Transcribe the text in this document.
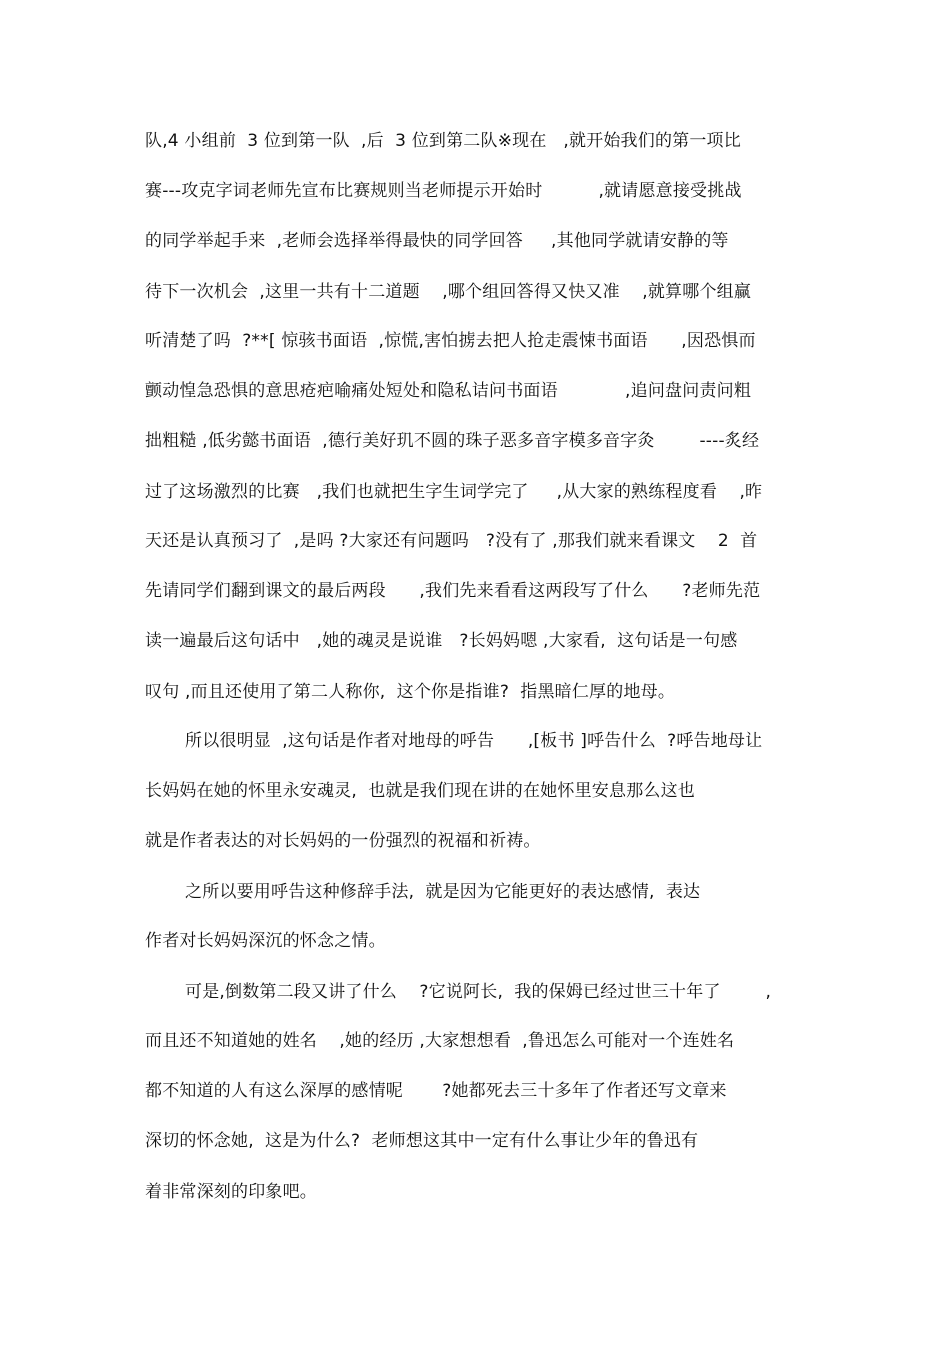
队,4 小组前  3 位到第一队  ,后  3 位到第二队※现在   ,就开始我们的第一项比
赛---攻克字词老师先宣布比赛规则当老师提示开始时          ,就请愿意接受挑战
的同学举起手来  ,老师会选择举得最快的同学回答     ,其他同学就请安静的等
待下一次机会  ,这里一共有十二道题    ,哪个组回答得又快又准    ,就算哪个组赢
听清楚了吗  ?**[ 惊骇书面语  ,惊慌,害怕掳去把人抢走震悚书面语      ,因恐惧而
颤动惶急恐惧的意思疮疤喻痛处短处和隐私诘问书面语            ,追问盘问责问粗
拙粗糙 ,低劣懿书面语  ,德行美好玑不圆的珠子恶多音字模多音字灸        ----炙经
过了这场激烈的比赛   ,我们也就把生字生词学完了     ,从大家的熟练程度看    ,昨
天还是认真预习了  ,是吗 ?大家还有问题吗   ?没有了 ,那我们就来看课文    2  首
先请同学们翻到课文的最后两段      ,我们先来看看这两段写了什么      ?老师先范
读一遍最后这句话中   ,她的魂灵是说谁   ?长妈妈嗯 ,大家看,  这句话是一句感
叹句 ,而且还使用了第二人称你,  这个你是指谁?  指黑暗仁厚的地母。
所以很明显  ,这句话是作者对地母的呼告      ,[板书 ]呼告什么  ?呼告地母让
长妈妈在她的怀里永安魂灵,  也就是我们现在讲的在她怀里安息那么这也
就是作者表达的对长妈妈的一份强烈的祝福和祈祷。
之所以要用呼告这种修辞手法,  就是因为它能更好的表达感情,  表达
作者对长妈妈深沉的怀念之情。
可是,倒数第二段又讲了什么    ?它说阿长,  我的保姆已经过世三十年了        ,
而且还不知道她的姓名    ,她的经历 ,大家想想看  ,鲁迅怎么可能对一个连姓名
都不知道的人有这么深厚的感情呢       ?她都死去三十多年了作者还写文章来
深切的怀念她,  这是为什么?  老师想这其中一定有什么事让少年的鲁迅有
着非常深刻的印象吧。
